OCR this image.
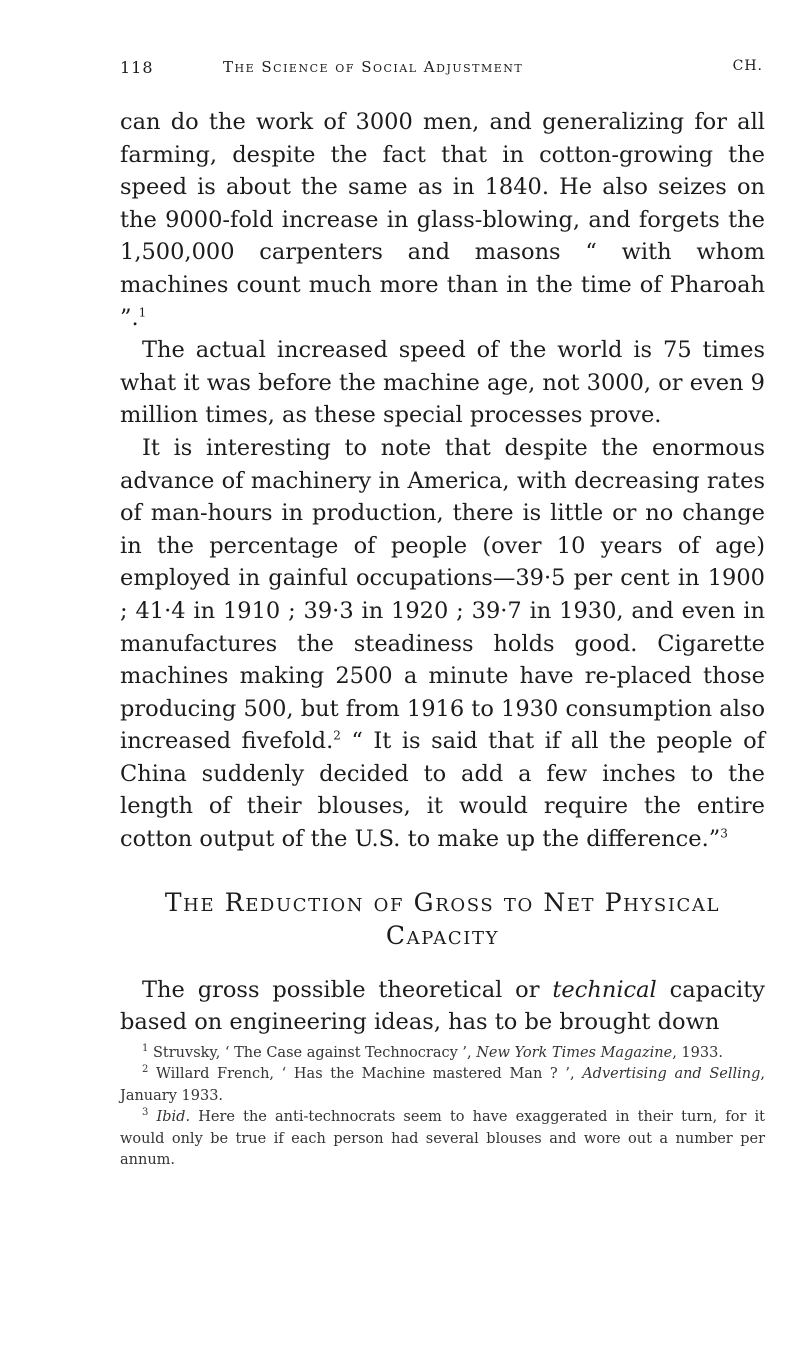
118	The Science of Social Adjustment	CH.

can do the work of 3000 men, and generalizing for all farming, despite the fact that in cotton-growing the speed is about the same as in 1840. He also seizes on the 9000-fold increase in glass-blowing, and forgets the 1,500,000 carpenters and masons “ with whom machines count much more than in the time of Pharoah ”.$^1$

The actual increased speed of the world is 75 times what it was before the machine age, not 3000, or even 9 million times, as these special processes prove.

It is interesting to note that despite the enormous advance of machinery in America, with decreasing rates of man-hours in production, there is little or no change in the percentage of people (over 10 years of age) employed in gainful occupations—39·5 per cent in 1900 ; 41·4 in 1910 ; 39·3 in 1920 ; 39·7 in 1930, and even in manufactures the steadiness holds good. Cigarette machines making 2500 a minute have re-placed those producing 500, but from 1916 to 1930 consumption also increased fivefold.$^2$ “ It is said that if all the people of China suddenly decided to add a few inches to the length of their blouses, it would require the entire cotton output of the U.S. to make up the difference.”$^3$

The Reduction of Gross to Net Physical
Capacity

The gross possible theoretical or technical capacity based on engineering ideas, has to be brought down

$^1$ Struvsky, ‘ The Case against Technocracy ’, New York Times Magazine, 1933.

$^2$ Willard French, ‘ Has the Machine mastered Man ? ’, Advertising and Selling, January 1933.

$^3$ Ibid. Here the anti-technocrats seem to have exaggerated in their turn, for it would only be true if each person had several blouses and wore out a number per annum.
